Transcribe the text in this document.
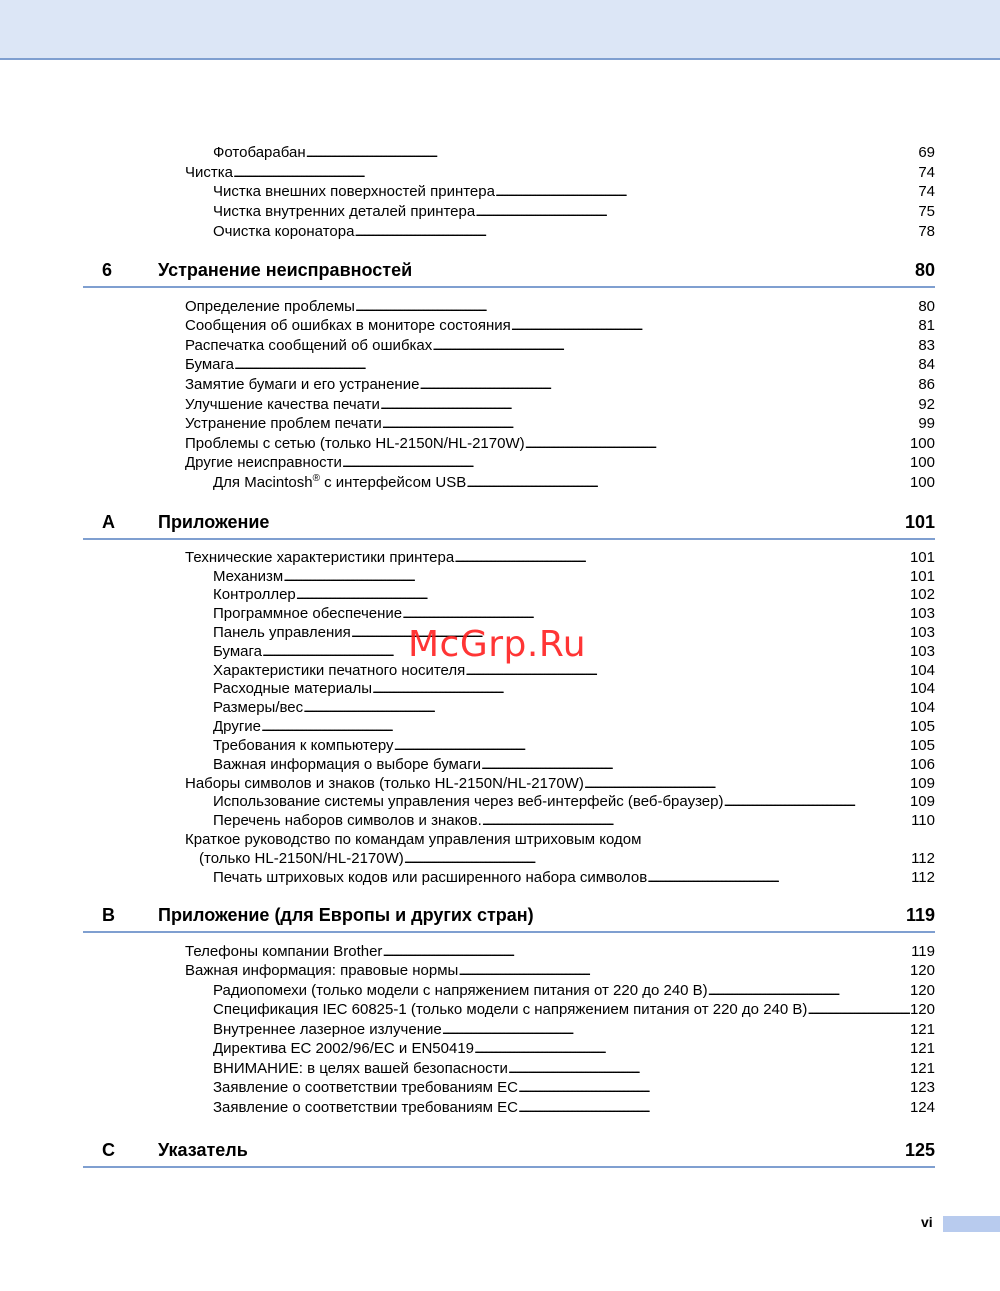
Фотобарабан . . .	69
Чистка . . .	74
Чистка внешних поверхностей принтера . . .	74
Чистка внутренних деталей принтера . . .	75
Очистка коронатора . . .	78
6	Устранение неисправностей	80
Определение проблемы . . .	80
Сообщения об ошибках в мониторе состояния . . .	81
Распечатка сообщений об ошибках . . .	83
Бумага . . .	84
Замятие бумаги и его устранение . . .	86
Улучшение качества печати . . .	92
Устранение проблем печати . . .	99
Проблемы с сетью (только HL-2150N/HL-2170W) . . .	100
Другие неисправности . . .	100
Для Macintosh® с интерфейсом USB . . .	100
A Приложение	101
Технические характеристики принтера . . .	101
Механизм . . .	101
Контроллер . . .	102
Программное обеспечение . . .	103
Панель управления . . .	103
Бумага . . .	103
Характеристики печатного носителя . . .	104
Расходные материалы . . .	104
Размеры/вес . . .	104
Другие . . .	105
Требования к компьютеру . . .	105
Важная информация о выборе бумаги . . .	106
Наборы символов и знаков (только HL-2150N/HL-2170W) . . .	109
Использование системы управления через веб-интерфейс (веб-браузер) . . .	109
Перечень наборов символов и знаков. . . .	110
Краткое руководство по командам управления штриховым кодом
(только HL-2150N/HL-2170W) . . .	112
Печать штриховых кодов или расширенного набора символов . . .	112
B Приложение (для Европы и других стран)	119
Телефоны компании Brother . . .	119
Важная информация: правовые нормы . . .	120
Радиопомехи (только модели с напряжением питания от 220 до 240 В) . . .	120
Спецификация IEC 60825-1 (только модели с напряжением питания от 220 до 240 В) . . .	120
Внутреннее лазерное излучение . . .	121
Директива ЕС 2002/96/ЕС и EN50419 . . .	121
ВНИМАНИЕ: в целях вашей безопасности . . .	121
Заявление о соответствии требованиям ЕС . . .	123
Заявление о соответствии требованиям ЕС . . .	124
C Указатель	125
McGrp.Ru
vi
